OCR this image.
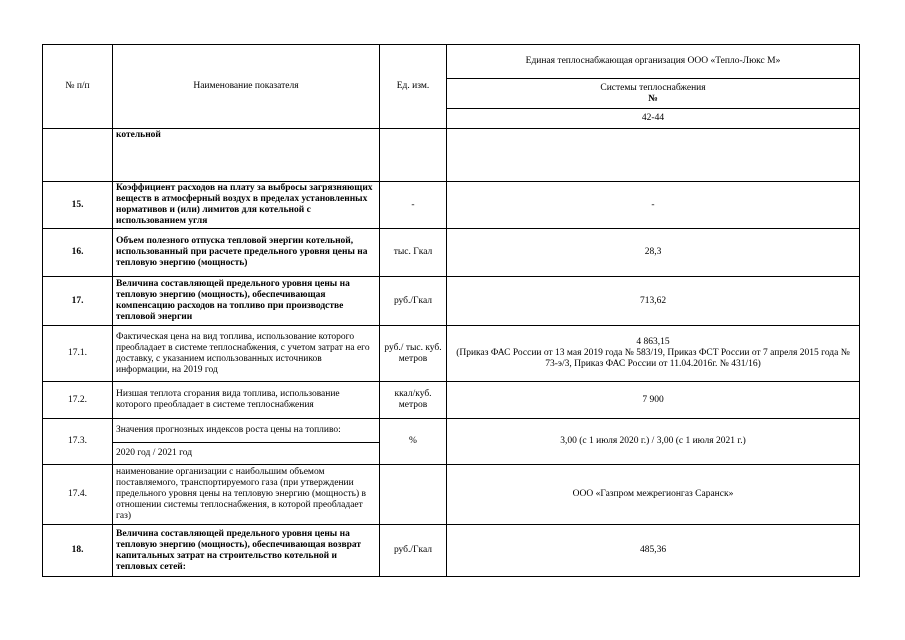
№ п/п	Наименование показателя	Ед. изм.	Единая теплоснабжающая организация ООО «Тепло-Люкс М»

			Системы теплоснабжения
№

			42-44
	котельной		
15.	Коэффициент расходов на плату за выбросы загрязняющих веществ в атмосферный воздух в пределах установленных нормативов и (или) лимитов для котельной с использованием угля	-	-
16.	Объем полезного отпуска тепловой энергии котельной, использованный при расчете предельного уровня цены на тепловую энергию (мощность)	тыс. Гкал	28,3
17.	Величина составляющей предельного уровня цены на тепловую энергию (мощность), обеспечивающая компенсацию расходов на топливо при производстве тепловой энергии	руб./Гкал	713,62
17.1.	Фактическая цена на вид топлива, использование которого преобладает в системе теплоснабжения, с учетом затрат на его доставку, с указанием использованных источников информации, на 2019 год	руб./ тыс. куб. метров	4 863,15
(Приказ ФАС России от 13 мая 2019 года № 583/19, Приказ ФСТ России от 7 апреля 2015 года № 73-э/3, Приказ ФАС России от 11.04.2016г. № 431/16)

17.2.	Низшая теплота сгорания вида топлива, использование которого преобладает в системе теплоснабжения	ккал/куб. метров	7 900
17.3.	Значения прогнозных индексов роста цены на топливо:	%	3,00 (с 1 июля 2020 г.) / 3,00 (с 1 июля 2021 г.)
	2020 год / 2021 год		
17.4.	наименование организации с наибольшим объемом поставляемого, транспортируемого газа (при утверждении предельного уровня цены на тепловую энергию (мощность) в отношении системы теплоснабжения, в которой преобладает газ)		ООО «Газпром межрегионгаз Саранск»
18.	Величина составляющей предельного уровня цены на тепловую энергию (мощность), обеспечивающая возврат капитальных затрат на строительство котельной и тепловых сетей:	руб./Гкал	485,36
